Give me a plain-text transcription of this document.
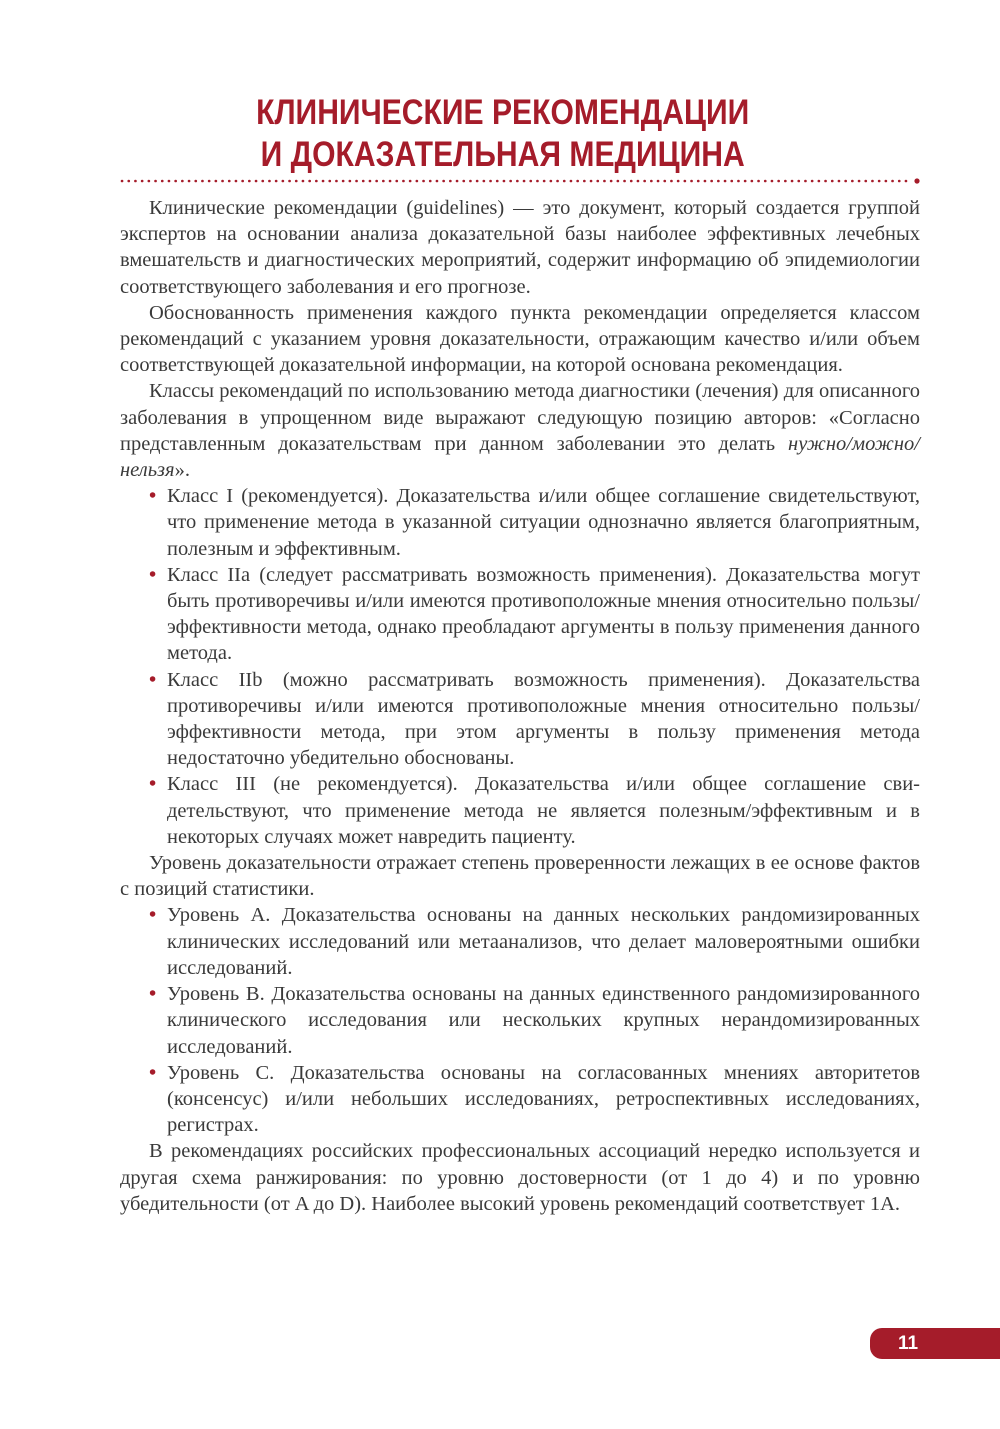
КЛИНИЧЕСКИЕ РЕКОМЕНДАЦИИ
И ДОКАЗАТЕЛЬНАЯ МЕДИЦИНА

Клинические рекомендации (guidelines) — это документ, который создается группой экспертов на основании анализа доказательной базы наиболее эффективных лечебных вмешательств и диагностических мероприятий, содержит информацию об эпидемиологии соответствующего заболевания и его прогнозе.

Обоснованность применения каждого пункта рекомендации определяется классом рекомендаций с указанием уровня доказательности, отражающим качество и/или объем соответствующей доказательной информации, на которой основана рекомендация.

Классы рекомендаций по использованию метода диагностики (лечения) для описанного заболевания в упрощенном виде выражают следующую позицию авторов: «Согласно представленным доказательствам при данном заболевании это делать нужно/можно/нельзя».

• Класс I (рекомендуется). Доказательства и/или общее соглашение свидетельствуют, что применение метода в указанной ситуации однозначно является благоприятным, полезным и эффективным.
• Класс IIa (следует рассматривать возможность применения). Доказательства могут быть противоречивы и/или имеются противоположные мнения относительно пользы/эффективности метода, однако преобладают аргументы в пользу применения данного метода.
• Класс IIb (можно рассматривать возможность применения). Доказательства противоречивы и/или имеются противоположные мнения относительно пользы/эффективности метода, при этом аргументы в пользу применения метода недостаточно убедительно обоснованы.
• Класс III (не рекомендуется). Доказательства и/или общее соглашение свидетельствуют, что применение метода не является полезным/эффективным и в некоторых случаях может навредить пациенту.

Уровень доказательности отражает степень проверенности лежащих в ее основе фактов с позиций статистики.

• Уровень A. Доказательства основаны на данных нескольких рандомизированных клинических исследований или метаанализов, что делает маловероятными ошибки исследований.
• Уровень B. Доказательства основаны на данных единственного рандомизированного клинического исследования или нескольких крупных нерандомизированных исследований.
• Уровень C. Доказательства основаны на согласованных мнениях авторитетов (консенсус) и/или небольших исследованиях, ретроспективных исследованиях, регистрах.

В рекомендациях российских профессиональных ассоциаций нередко используется и другая схема ранжирования: по уровню достоверности (от 1 до 4) и по уровню убедительности (от A до D). Наиболее высокий уровень рекомендаций соответствует 1A.

11
